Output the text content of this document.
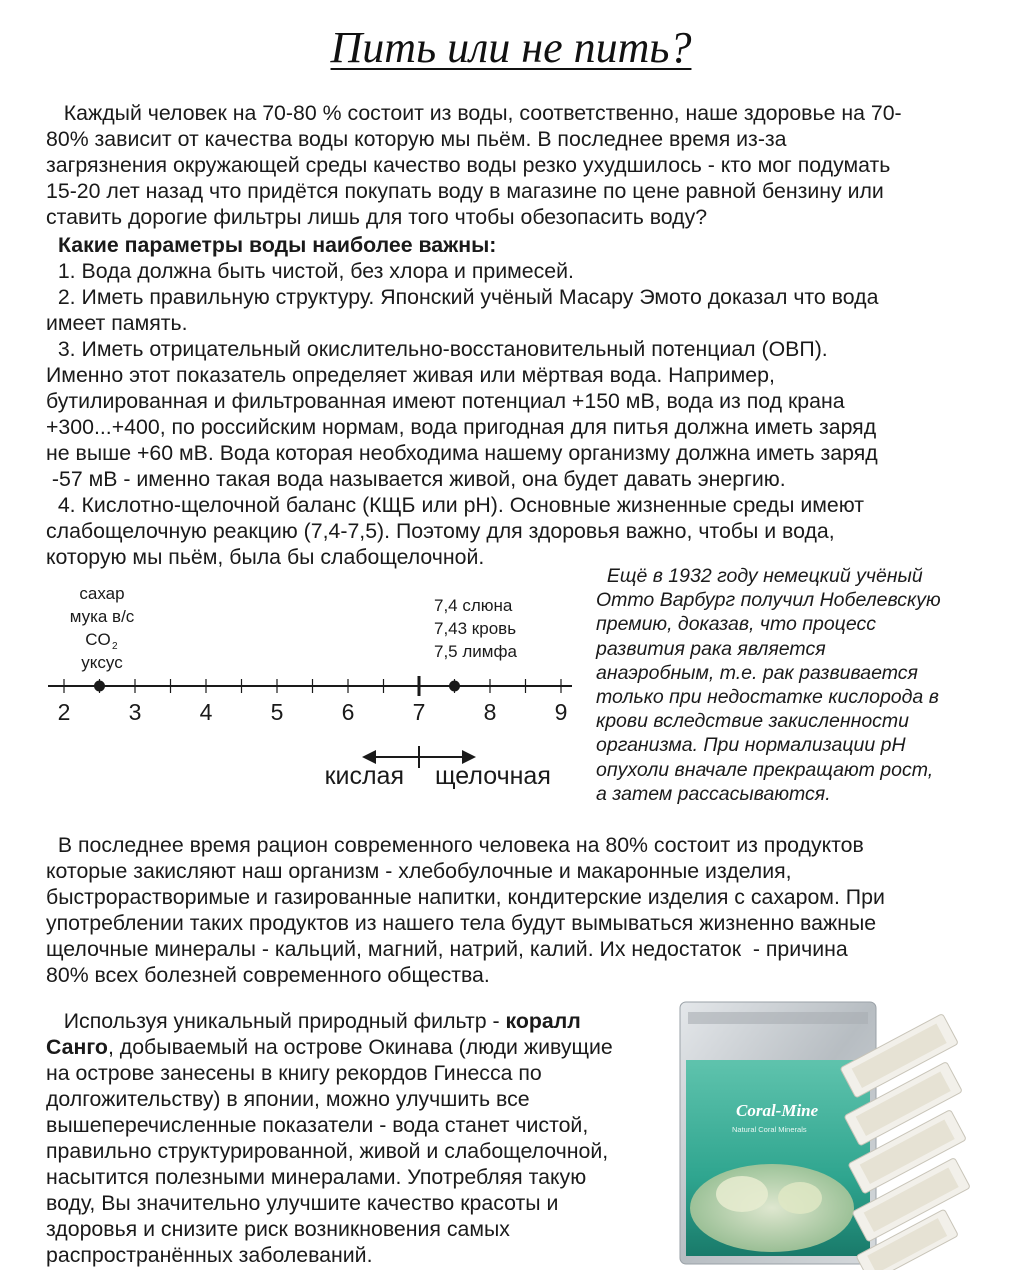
Пить или не пить?
Каждый человек на 70-80 % состоит из воды, соответственно, наше здоровье на 70-
80% зависит от качества воды которую мы пьём. В последнее время из-за
загрязнения окружающей среды качество воды резко ухудшилось - кто мог подумать
15-20 лет назад что придётся покупать воду в магазине по цене равной бензину или
ставить дорогие фильтры лишь для того чтобы обезопасить воду?
Какие параметры воды наиболее важны:
1. Вода должна быть чистой, без хлора и примесей.
2. Иметь правильную структуру. Японский учёный Масару Эмото доказал что вода
имеет память.
3. Иметь отрицательный окислительно-восстановительный потенциал (ОВП).
Именно этот показатель определяет живая или мёртвая вода. Например,
бутилированная и фильтрованная имеют потенциал +150 мВ, вода из под крана
+300...+400, по российским нормам, вода пригодная для питья должна иметь заряд
не выше +60 мВ. Вода которая необходима нашему организму должна иметь заряд
-57 мВ - именно такая вода называется живой, она будет давать энергию.
4. Кислотно-щелочной баланс (КЩБ или pH). Основные жизненные среды имеют
слабощелочную реакцию (7,4-7,5). Поэтому для здоровья важно, чтобы и вода,
которую мы пьём, была бы слабощелочной.
сахар
мука в/с
CO 2
уксус
7,4 слюна
7,43 кровь
7,5 лимфа
2	3	4	5	6	7	8	9
кислая щелочная
Ещё в 1932 году немецкий учёный
Отто Варбург получил Нобелевскую
премию, доказав, что процесс
развития рака является
анаэробным, т.е. рак развивается
только при недостатке кислорода в
крови вследствие закисленности
организма. При нормализации pH
опухоли вначале прекращают рост,
а затем рассасываются.
В последнее время рацион современного человека на 80% состоит из продуктов
которые закисляют наш организм - хлебобулочные и макаронные изделия,
быстрорастворимые и газированные напитки, кондитерские изделия с сахаром. При
употреблении таких продуктов из нашего тела будут вымываться жизненно важные
щелочные минералы - кальций, магний, натрий, калий. Их недостаток  - причина
80% всех болезней современного общества.
Используя уникальный природный фильтр - коралл
Санго, добываемый на острове Окинава (люди живущие
на острове занесены в книгу рекордов Гинесса по
долгожительству) в японии, можно улучшить все
вышеперечисленные показатели - вода станет чистой,
правильно структурированной, живой и слабощелочной,
насытится полезными минералами. Употребляя такую
воду, Вы значительно улучшите качество красоты и
здоровья и снизите риск возникновения самых
распространённых заболеваний.
Coral-Mine
Natural Coral Minerals
